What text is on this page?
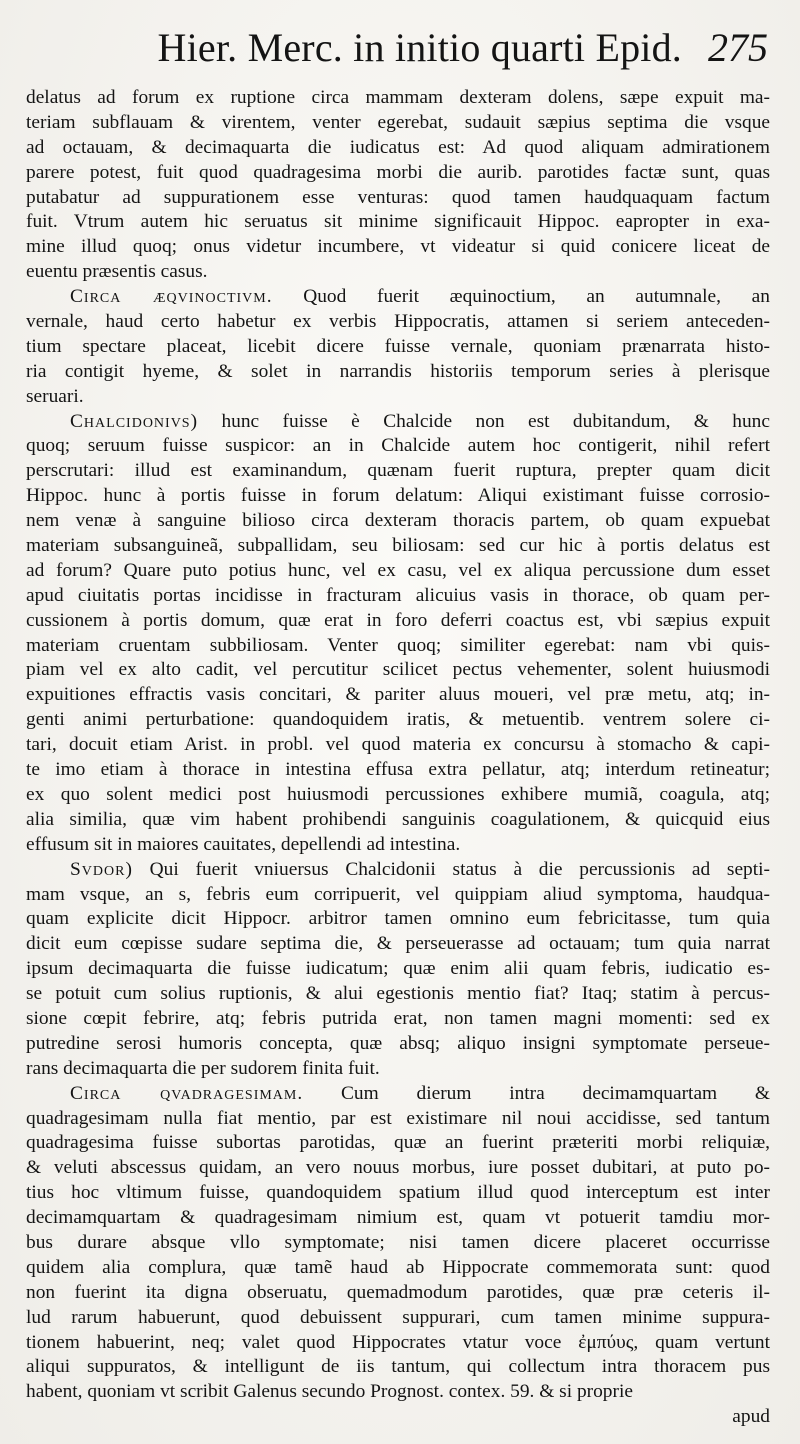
Hier. Merc. in initio quarti Epid. 275
delatus ad forum ex ruptione circa mammam dexteram dolens, sæpe expuit ma-
teriam subflauam & virentem, venter egerebat, sudauit sæpius septima die vsque
ad octauam, & decimaquarta die iudicatus est: Ad quod aliquam admirationem
parere potest, fuit quod quadragesima morbi die aurib. parotides factæ sunt, quas
putabatur ad suppurationem esse venturas: quod tamen haudquaquam factum
fuit. Vtrum autem hic seruatus sit minime significauit Hippoc. eapropter in exa-
mine illud quoq; onus videtur incumbere, vt videatur si quid conicere liceat de
euentu præsentis casus.
Circa æqvinoctivm. Quod fuerit æquinoctium, an autumnale, an
vernale, haud certo habetur ex verbis Hippocratis, attamen si seriem anteceden-
tium spectare placeat, licebit dicere fuisse vernale, quoniam prænarrata histo-
ria contigit hyeme, & solet in narrandis historiis temporum series à plerisque
seruari.
Chalcidonivs) hunc fuisse è Chalcide non est dubitandum, & hunc
quoq; seruum fuisse suspicor: an in Chalcide autem hoc contigerit, nihil refert
perscrutari: illud est examinandum, quænam fuerit ruptura, prepter quam dicit
Hippoc. hunc à portis fuisse in forum delatum: Aliqui existimant fuisse corrosio-
nem venæ à sanguine bilioso circa dexteram thoracis partem, ob quam expuebat
materiam subsanguineã, subpallidam, seu biliosam: sed cur hic à portis delatus est
ad forum? Quare puto potius hunc, vel ex casu, vel ex aliqua percussione dum esset
apud ciuitatis portas incidisse in fracturam alicuius vasis in thorace, ob quam per-
cussionem à portis domum, quæ erat in foro deferri coactus est, vbi sæpius expuit
materiam cruentam subbiliosam. Venter quoq; similiter egerebat: nam vbi quis-
piam vel ex alto cadit, vel percutitur scilicet pectus vehementer, solent huiusmodi
expuitiones effractis vasis concitari, & pariter aluus moueri, vel præ metu, atq; in-
genti animi perturbatione: quandoquidem iratis, & metuentib. ventrem solere ci-
tari, docuit etiam Arist. in probl. vel quod materia ex concursu à stomacho & capi-
te imo etiam à thorace in intestina effusa extra pellatur, atq; interdum retineatur;
ex quo solent medici post huiusmodi percussiones exhibere mumiã, coagula, atq;
alia similia, quæ vim habent prohibendi sanguinis coagulationem, & quicquid eius
effusum sit in maiores cauitates, depellendi ad intestina.
Svdor) Qui fuerit vniuersus Chalcidonii status à die percussionis ad septi-
mam vsque, an s, febris eum corripuerit, vel quippiam aliud symptoma, haudqua-
quam explicite dicit Hippocr. arbitror tamen omnino eum febricitasse, tum quia
dicit eum cœpisse sudare septima die, & perseuerasse ad octauam; tum quia narrat
ipsum decimaquarta die fuisse iudicatum; quæ enim alii quam febris, iudicatio es-
se potuit cum solius ruptionis, & alui egestionis mentio fiat? Itaq; statim à percus-
sione cœpit febrire, atq; febris putrida erat, non tamen magni momenti: sed ex
putredine serosi humoris concepta, quæ absq; aliquo insigni symptomate perseue-
rans decimaquarta die per sudorem finita fuit.
Circa qvadragesimam. Cum dierum intra decimamquartam &
quadragesimam nulla fiat mentio, par est existimare nil noui accidisse, sed tantum
quadragesima fuisse subortas parotidas, quæ an fuerint præteriti morbi reliquiæ,
& veluti abscessus quidam, an vero nouus morbus, iure posset dubitari, at puto po-
tius hoc vltimum fuisse, quandoquidem spatium illud quod interceptum est inter
decimamquartam & quadragesimam nimium est, quam vt potuerit tamdiu mor-
bus durare absque vllo symptomate; nisi tamen dicere placeret occurrisse
quidem alia complura, quæ tamẽ haud ab Hippocrate commemorata sunt: quod
non fuerint ita digna obseruatu, quemadmodum parotides, quæ præ ceteris il-
lud rarum habuerunt, quod debuissent suppurari, cum tamen minime suppura-
tionem habuerint, neq; valet quod Hippocrates vtatur voce ἐμπύυς, quam vertunt
aliqui suppuratos, & intelligunt de iis tantum, qui collectum intra thoracem pus
habent, quoniam vt scribit Galenus secundo Prognost. contex. 59. & si proprie
apud
